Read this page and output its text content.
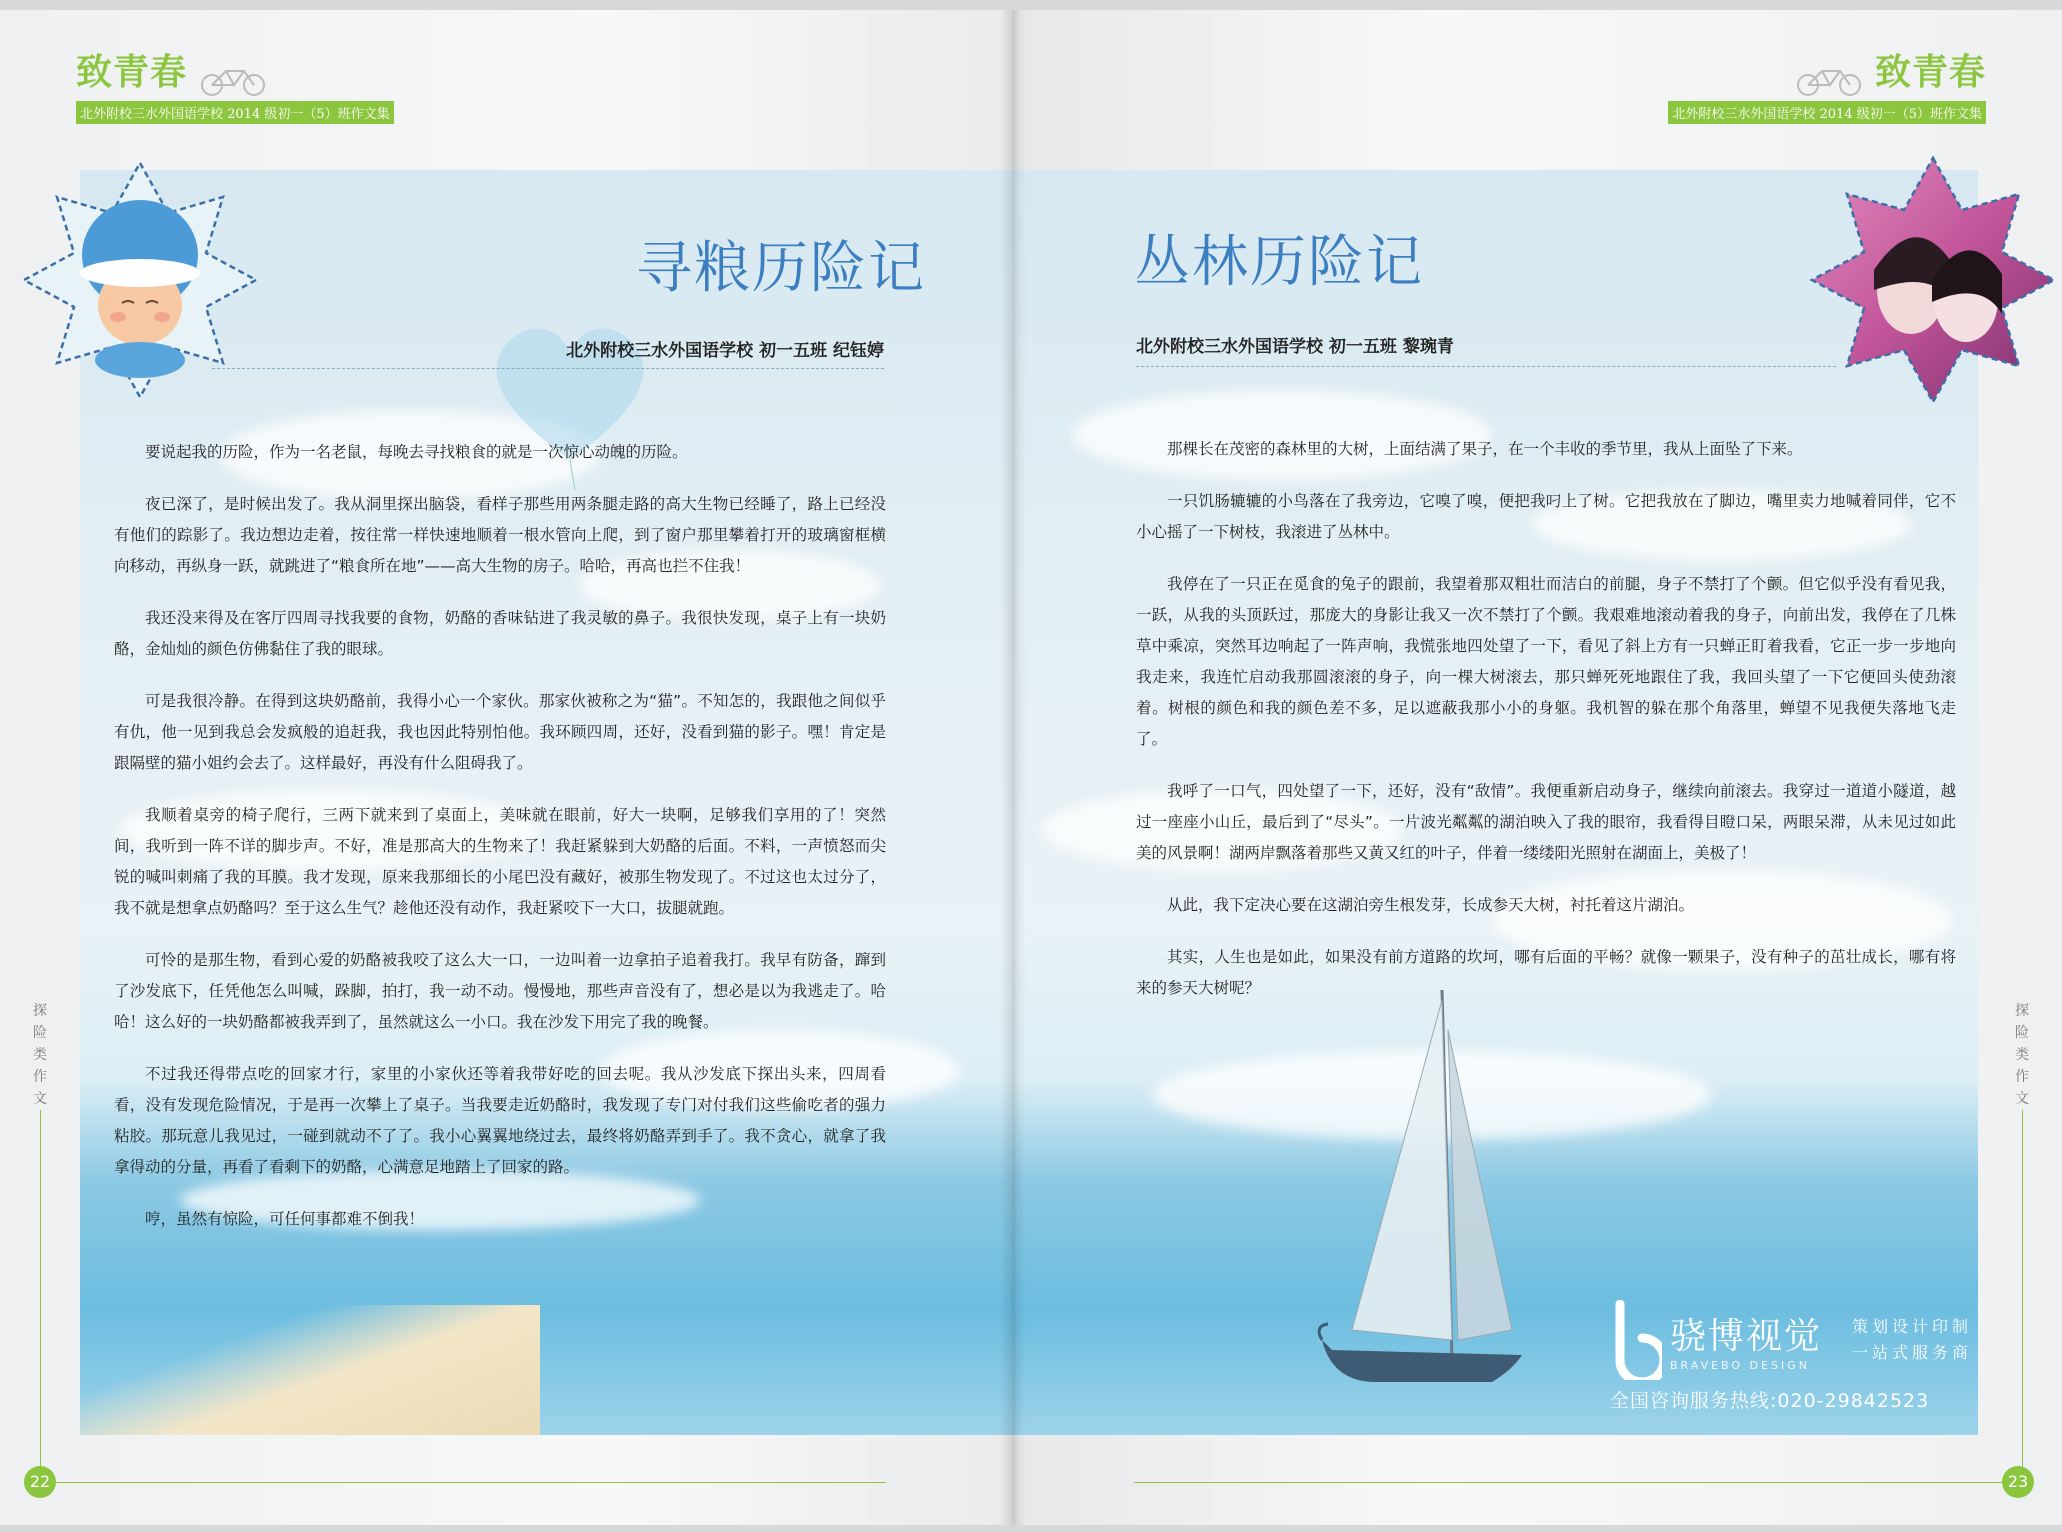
致青春
北外附校三水外国语学校 2014 级初一（5）班作文集
寻粮历险记
北外附校三水外国语学校 初一五班 纪钰婷

要说起我的历险，作为一名老鼠，每晚去寻找粮食的就是一次惊心动魄的历险。

夜已深了，是时候出发了。我从洞里探出脑袋，看样子那些用两条腿走路的高大生物已经睡了，路上已经没有他们的踪影了。我边想边走着，按往常一样快速地顺着一根水管向上爬，到了窗户那里攀着打开的玻璃窗框横向移动，再纵身一跃，就跳进了“粮食所在地”——高大生物的房子。哈哈，再高也拦不住我！

我还没来得及在客厅四周寻找我要的食物，奶酪的香味钻进了我灵敏的鼻子。我很快发现，桌子上有一块奶酪，金灿灿的颜色仿佛黏住了我的眼球。

可是我很冷静。在得到这块奶酪前，我得小心一个家伙。那家伙被称之为“猫”。不知怎的，我跟他之间似乎有仇，他一见到我总会发疯般的追赶我，我也因此特别怕他。我环顾四周，还好，没看到猫的影子。嘿！肯定是跟隔壁的猫小姐约会去了。这样最好，再没有什么阻碍我了。

我顺着桌旁的椅子爬行，三两下就来到了桌面上，美味就在眼前，好大一块啊，足够我们享用的了！突然间，我听到一阵不详的脚步声。不好，准是那高大的生物来了！我赶紧躲到大奶酪的后面。不料，一声愤怒而尖锐的喊叫刺痛了我的耳膜。我才发现，原来我那细长的小尾巴没有藏好，被那生物发现了。不过这也太过分了，我不就是想拿点奶酪吗？至于这么生气？趁他还没有动作，我赶紧咬下一大口，拔腿就跑。

可怜的是那生物，看到心爱的奶酪被我咬了这么大一口，一边叫着一边拿拍子追着我打。我早有防备，蹿到了沙发底下，任凭他怎么叫喊，跺脚，拍打，我一动不动。慢慢地，那些声音没有了，想必是以为我逃走了。哈哈！这么好的一块奶酪都被我弄到了，虽然就这么一小口。我在沙发下用完了我的晚餐。

不过我还得带点吃的回家才行，家里的小家伙还等着我带好吃的回去呢。我从沙发底下探出头来，四周看看，没有发现危险情况，于是再一次攀上了桌子。当我要走近奶酪时，我发现了专门对付我们这些偷吃者的强力粘胶。那玩意儿我见过，一碰到就动不了了。我小心翼翼地绕过去，最终将奶酪弄到手了。我不贪心，就拿了我拿得动的分量，再看了看剩下的奶酪，心满意足地踏上了回家的路。

哼，虽然有惊险，可任何事都难不倒我！

探险类作文
22
致青春
北外附校三水外国语学校 2014 级初一（5）班作文集
丛林历险记
北外附校三水外国语学校 初一五班 黎琬青

那棵长在茂密的森林里的大树，上面结满了果子，在一个丰收的季节里，我从上面坠了下来。

一只饥肠辘辘的小鸟落在了我旁边，它嗅了嗅，便把我叼上了树。它把我放在了脚边，嘴里卖力地喊着同伴，它不小心摇了一下树枝，我滚进了丛林中。

我停在了一只正在觅食的兔子的跟前，我望着那双粗壮而洁白的前腿，身子不禁打了个颤。但它似乎没有看见我，一跃，从我的头顶跃过，那庞大的身影让我又一次不禁打了个颤。我艰难地滚动着我的身子，向前出发，我停在了几株草中乘凉，突然耳边响起了一阵声响，我慌张地四处望了一下，看见了斜上方有一只蝉正盯着我看，它正一步一步地向我走来，我连忙启动我那圆滚滚的身子，向一棵大树滚去，那只蝉死死地跟住了我，我回头望了一下它便回头使劲滚着。树根的颜色和我的颜色差不多，足以遮蔽我那小小的身躯。我机智的躲在那个角落里，蝉望不见我便失落地飞走了。

我呼了一口气，四处望了一下，还好，没有“敌情”。我便重新启动身子，继续向前滚去。我穿过一道道小隧道，越过一座座小山丘，最后到了“尽头”。一片波光粼粼的湖泊映入了我的眼帘，我看得目瞪口呆，两眼呆滞，从未见过如此美的风景啊！湖两岸飘落着那些又黄又红的叶子，伴着一缕缕阳光照射在湖面上，美极了！

从此，我下定决心要在这湖泊旁生根发芽，长成参天大树，衬托着这片湖泊。

其实，人生也是如此，如果没有前方道路的坎坷，哪有后面的平畅？就像一颗果子，没有种子的茁壮成长，哪有将来的参天大树呢？

骁博视觉
BRAVEBO DESIGN
策划设计印制
一站式服务商
全国咨询服务热线:020-29842523
探险类作文
23
